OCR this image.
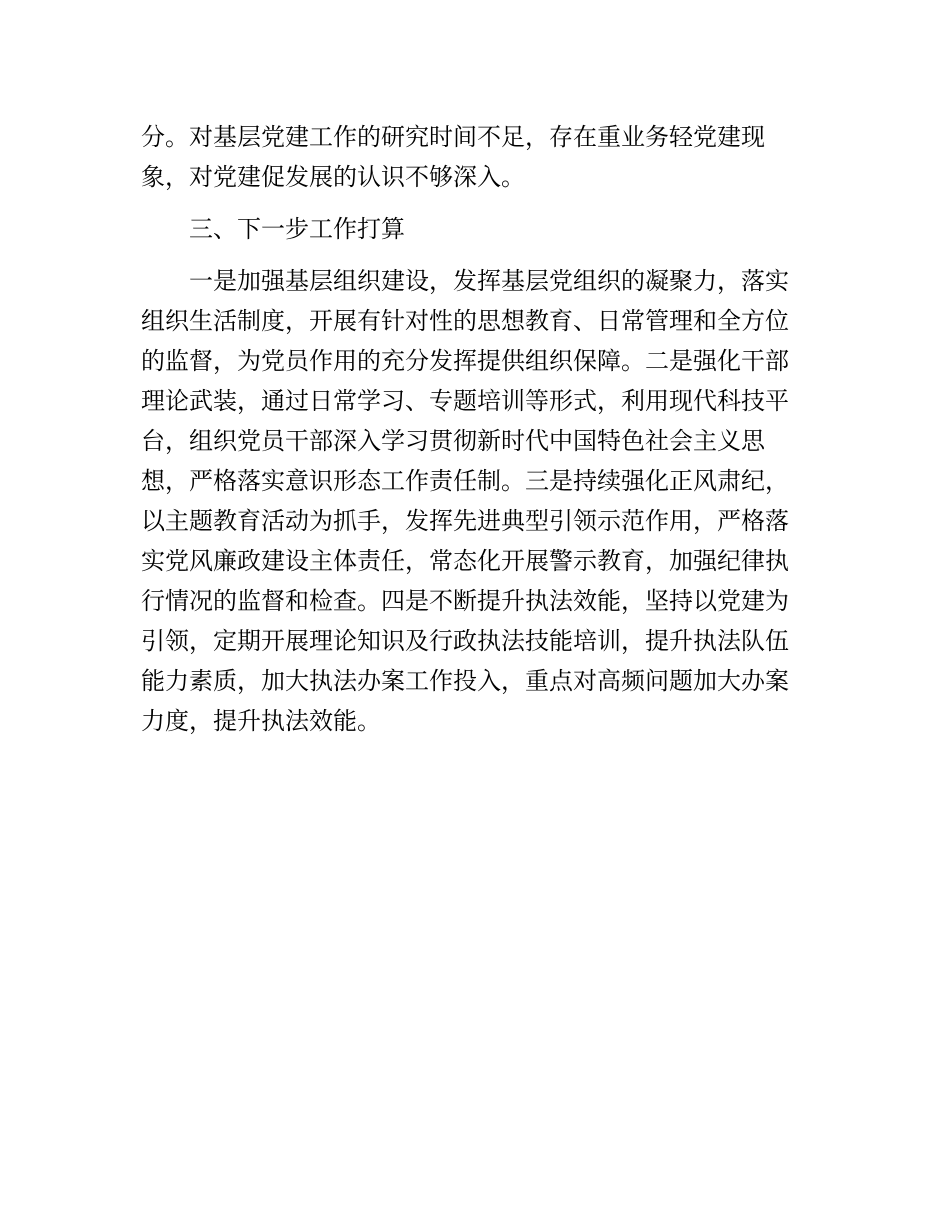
分。对基层党建工作的研究时间不足，存在重业务轻党建现
象，对党建促发展的认识不够深入。
三、下一步工作打算
一是加强基层组织建设，发挥基层党组织的凝聚力，落实
组织生活制度，开展有针对性的思想教育、日常管理和全方位
的监督，为党员作用的充分发挥提供组织保障。二是强化干部
理论武装，通过日常学习、专题培训等形式，利用现代科技平
台，组织党员干部深入学习贯彻新时代中国特色社会主义思
想，严格落实意识形态工作责任制。三是持续强化正风肃纪，
以主题教育活动为抓手，发挥先进典型引领示范作用，严格落
实党风廉政建设主体责任，常态化开展警示教育，加强纪律执
行情况的监督和检查。四是不断提升执法效能，坚持以党建为
引领，定期开展理论知识及行政执法技能培训，提升执法队伍
能力素质，加大执法办案工作投入，重点对高频问题加大办案
力度，提升执法效能。
